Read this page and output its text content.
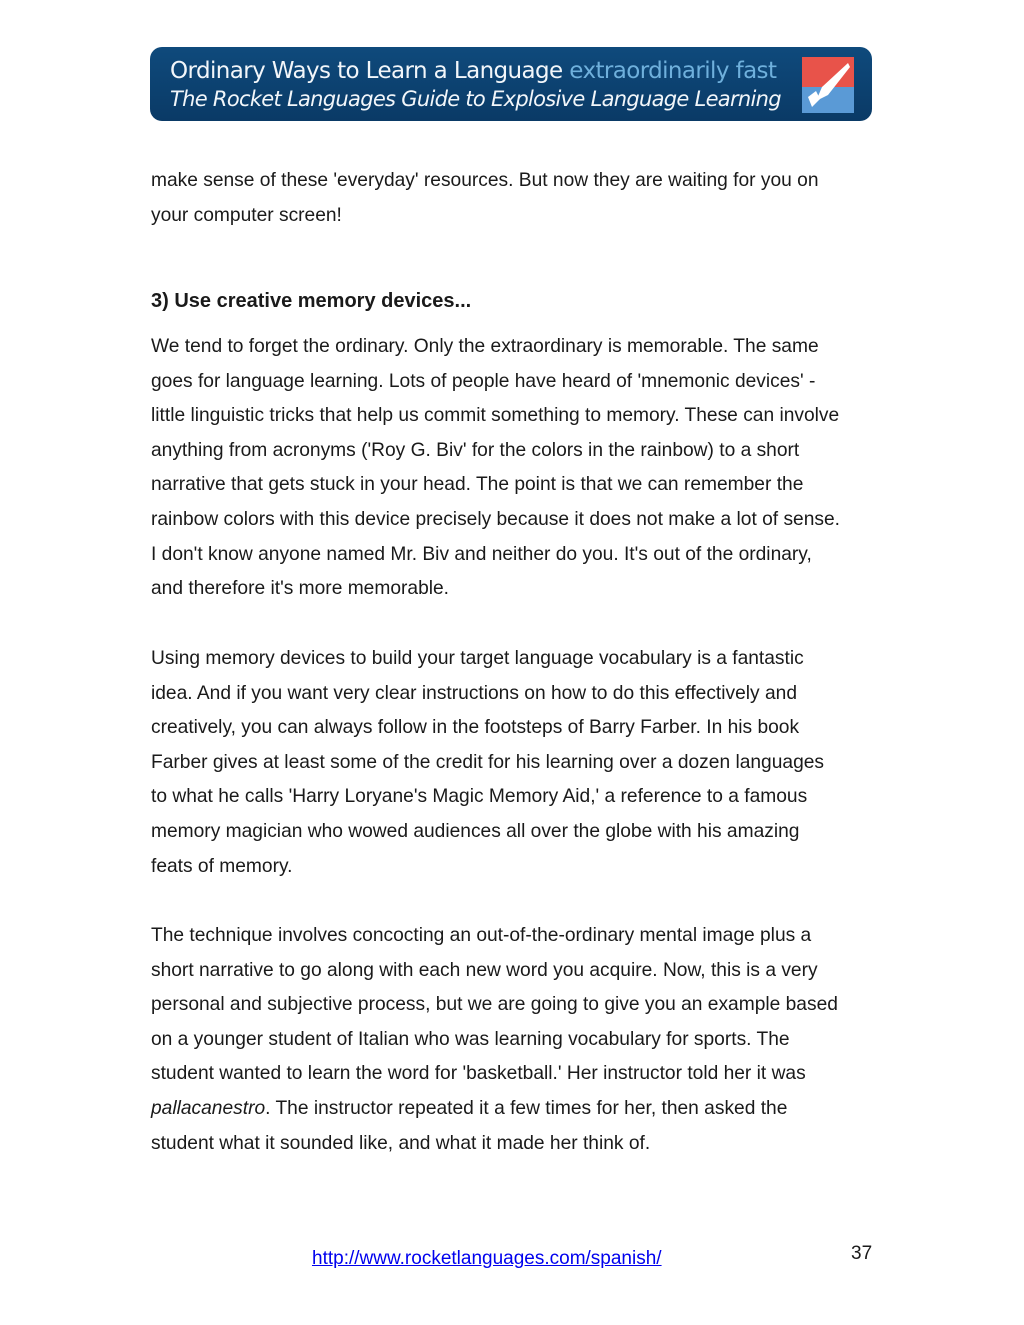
Ordinary Ways to Learn a Language extraordinarily fast
The Rocket Languages Guide to Explosive Language Learning
make sense of these 'everyday' resources. But now they are waiting for you on
your computer screen!
3) Use creative memory devices...
We tend to forget the ordinary. Only the extraordinary is memorable. The same
goes for language learning. Lots of people have heard of 'mnemonic devices' -
little linguistic tricks that help us commit something to memory. These can involve
anything from acronyms ('Roy G. Biv' for the colors in the rainbow) to a short
narrative that gets stuck in your head. The point is that we can remember the
rainbow colors with this device precisely because it does not make a lot of sense.
I don't know anyone named Mr. Biv and neither do you. It's out of the ordinary,
and therefore it's more memorable.
Using memory devices to build your target language vocabulary is a fantastic
idea. And if you want very clear instructions on how to do this effectively and
creatively, you can always follow in the footsteps of Barry Farber. In his book
Farber gives at least some of the credit for his learning over a dozen languages
to what he calls 'Harry Loryane's Magic Memory Aid,' a reference to a famous
memory magician who wowed audiences all over the globe with his amazing
feats of memory.
The technique involves concocting an out-of-the-ordinary mental image plus a
short narrative to go along with each new word you acquire. Now, this is a very
personal and subjective process, but we are going to give you an example based
on a younger student of Italian who was learning vocabulary for sports. The
student wanted to learn the word for 'basketball.' Her instructor told her it was
pallacanestro. The instructor repeated it a few times for her, then asked the
student what it sounded like, and what it made her think of.
http://www.rocketlanguages.com/spanish/	37
